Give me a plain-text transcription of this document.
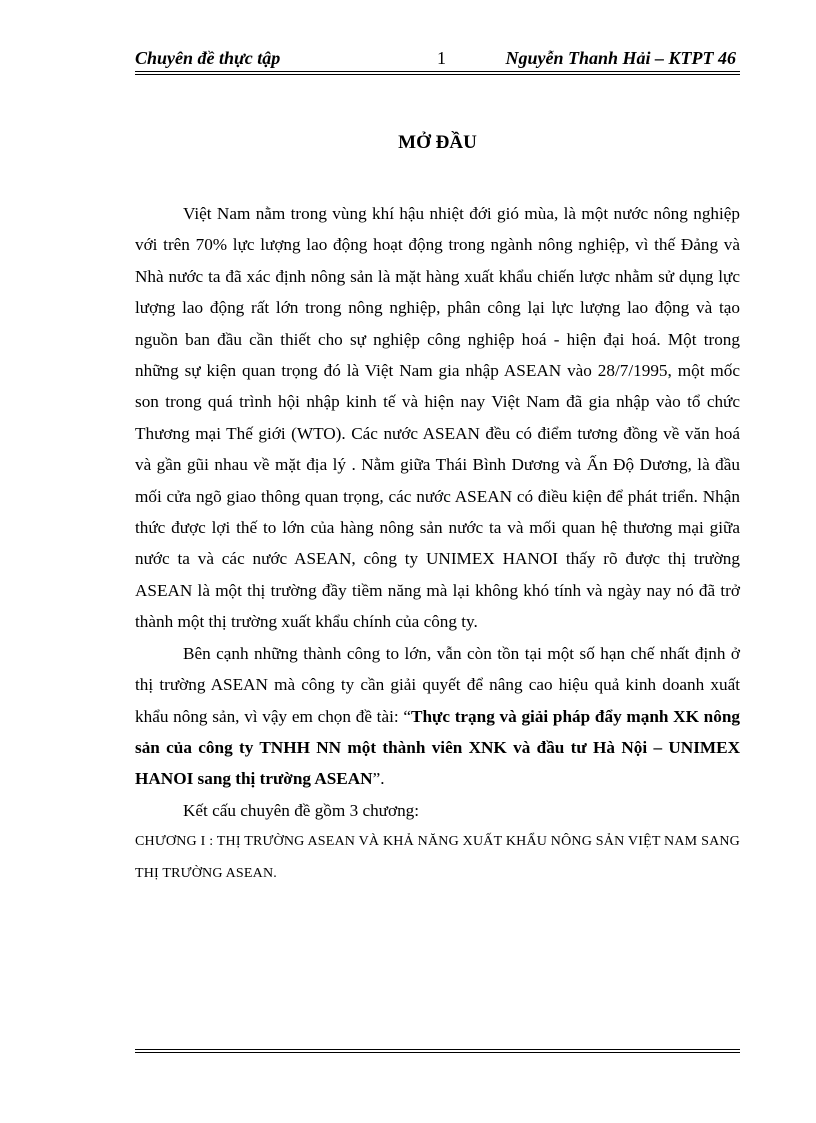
Chuyên đề thực tập	1	Nguyễn Thanh Hải – KTPT 46
MỞ ĐẦU

Việt Nam nằm trong vùng khí hậu nhiệt đới gió mùa, là một nước nông nghiệp với trên 70% lực lượng lao động hoạt động trong ngành nông nghiệp, vì thế Đảng và Nhà nước ta đã xác định nông sản là mặt hàng xuất khẩu chiến lược nhằm sử dụng lực lượng lao động rất lớn trong nông nghiệp, phân công lại lực lượng lao động và tạo nguồn ban đầu cần thiết cho sự nghiệp công nghiệp hoá - hiện đại hoá. Một trong những sự kiện quan trọng đó là Việt Nam gia nhập ASEAN vào 28/7/1995, một mốc son trong quá trình hội nhập kinh tế và hiện nay Việt Nam đã gia nhập vào tổ chức Thương mại Thế giới (WTO). Các nước ASEAN đều có điểm tương đồng về văn hoá và gần gũi nhau về mặt địa lý . Nằm giữa Thái Bình Dương và Ấn Độ Dương, là đầu mối cửa ngõ giao thông quan trọng, các nước ASEAN có điều kiện để phát triển. Nhận thức được lợi thế to lớn của hàng nông sản nước ta và mối quan hệ thương mại giữa nước ta và các nước ASEAN, công ty UNIMEX HANOI thấy rõ được thị trường ASEAN là một thị trường đầy tiềm năng mà lại không khó tính và ngày nay nó đã trở thành một thị trường xuất khẩu chính của công ty.

Bên cạnh những thành công to lớn, vẫn còn tồn tại một số hạn chế nhất định ở thị trường ASEAN mà công ty cần giải quyết để nâng cao hiệu quả kinh doanh xuất khẩu nông sản, vì vậy em chọn đề tài: “Thực trạng và giải pháp đẩy mạnh XK nông sản của công ty TNHH NN một thành viên XNK và đầu tư Hà Nội – UNIMEX HANOI sang thị trường ASEAN”.

Kết cấu chuyên đề gồm 3 chương:

CHƯƠNG I : THỊ TRƯỜNG ASEAN VÀ KHẢ NĂNG XUẤT KHẨU NÔNG SẢN VIỆT NAM SANG THỊ TRƯỜNG ASEAN.
